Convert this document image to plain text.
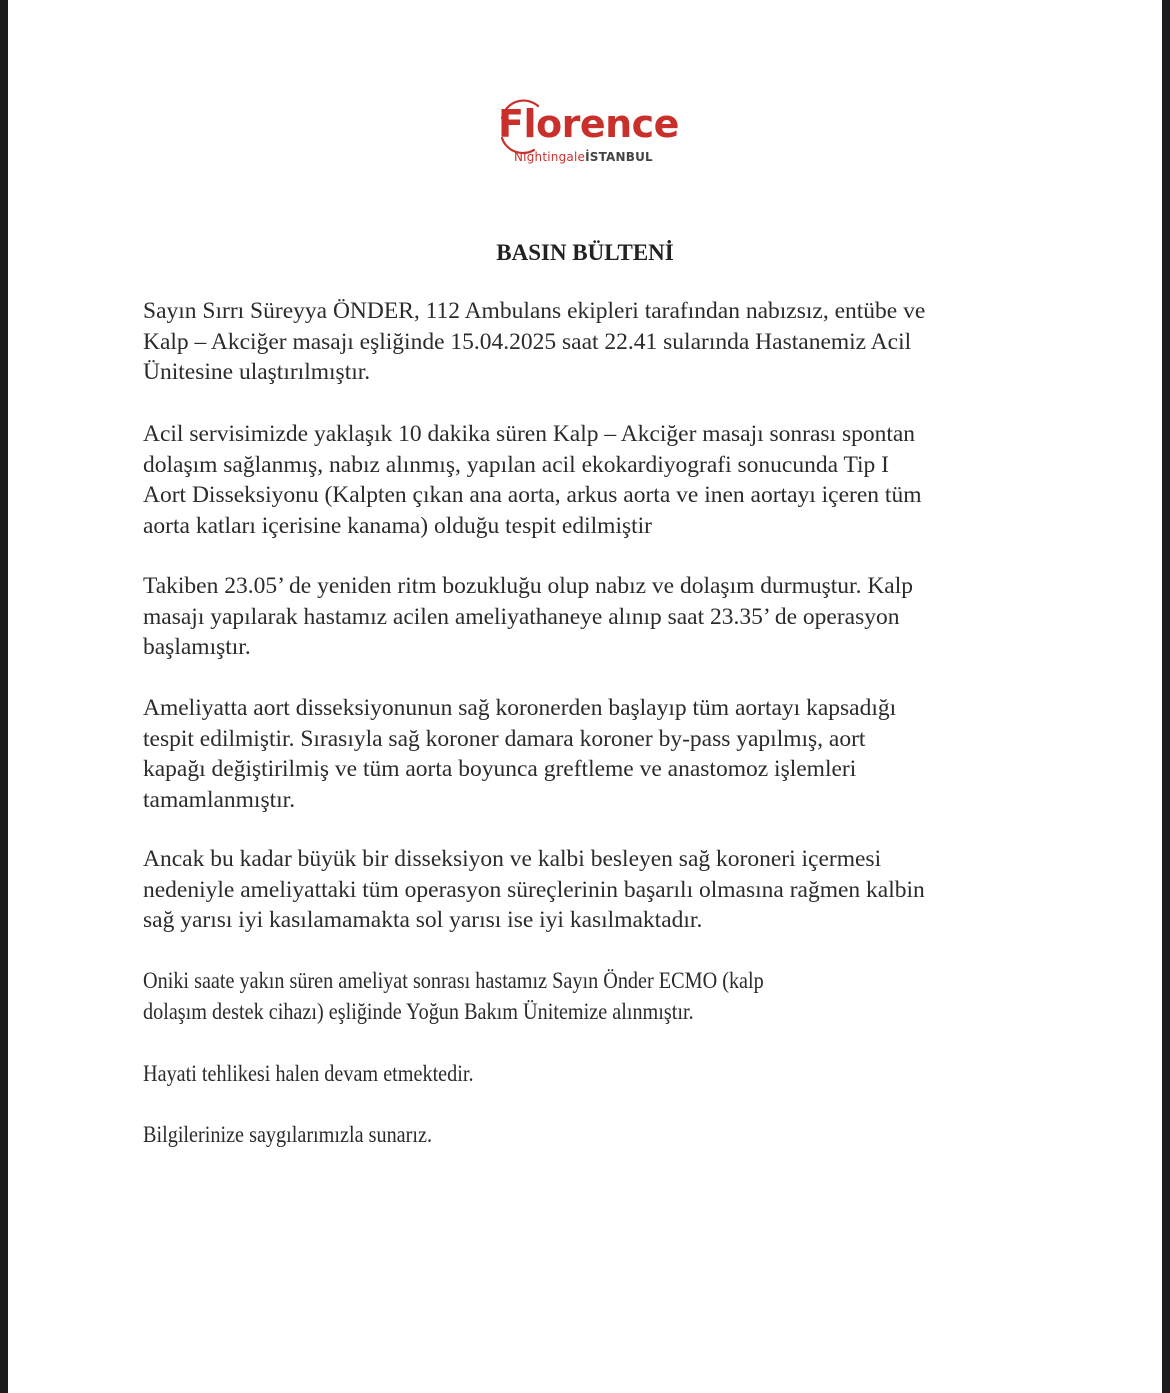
Florence
NightingaleİSTANBUL
BASIN BÜLTENİ

Sayın Sırrı Süreyya ÖNDER, 112 Ambulans ekipleri tarafından nabızsız, entübe ve
Kalp – Akciğer masajı eşliğinde 15.04.2025 saat 22.41 sularında Hastanemiz Acil
Ünitesine ulaştırılmıştır.

Acil servisimizde yaklaşık 10 dakika süren Kalp – Akciğer masajı sonrası spontan
dolaşım sağlanmış, nabız alınmış, yapılan acil ekokardiyografi sonucunda Tip I
Aort Disseksiyonu (Kalpten çıkan ana aorta, arkus aorta ve inen aortayı içeren tüm
aorta katları içerisine kanama) olduğu tespit edilmiştir

Takiben 23.05’ de yeniden ritm bozukluğu olup nabız ve dolaşım durmuştur. Kalp
masajı yapılarak hastamız acilen ameliyathaneye alınıp saat 23.35’ de operasyon
başlamıştır.

Ameliyatta aort disseksiyonunun sağ koronerden başlayıp tüm aortayı kapsadığı
tespit edilmiştir. Sırasıyla sağ koroner damara koroner by-pass yapılmış, aort
kapağı değiştirilmiş ve tüm aorta boyunca greftleme ve anastomoz işlemleri
tamamlanmıştır.

Ancak bu kadar büyük bir disseksiyon ve kalbi besleyen sağ koroneri içermesi
nedeniyle ameliyattaki tüm operasyon süreçlerinin başarılı olmasına rağmen kalbin
sağ yarısı iyi kasılamamakta sol yarısı ise iyi kasılmaktadır.

Oniki saate yakın süren ameliyat sonrası hastamız Sayın Önder ECMO (kalp
dolaşım destek cihazı) eşliğinde Yoğun Bakım Ünitemize alınmıştır.

Hayati tehlikesi halen devam etmektedir.

Bilgilerinize saygılarımızla sunarız.
